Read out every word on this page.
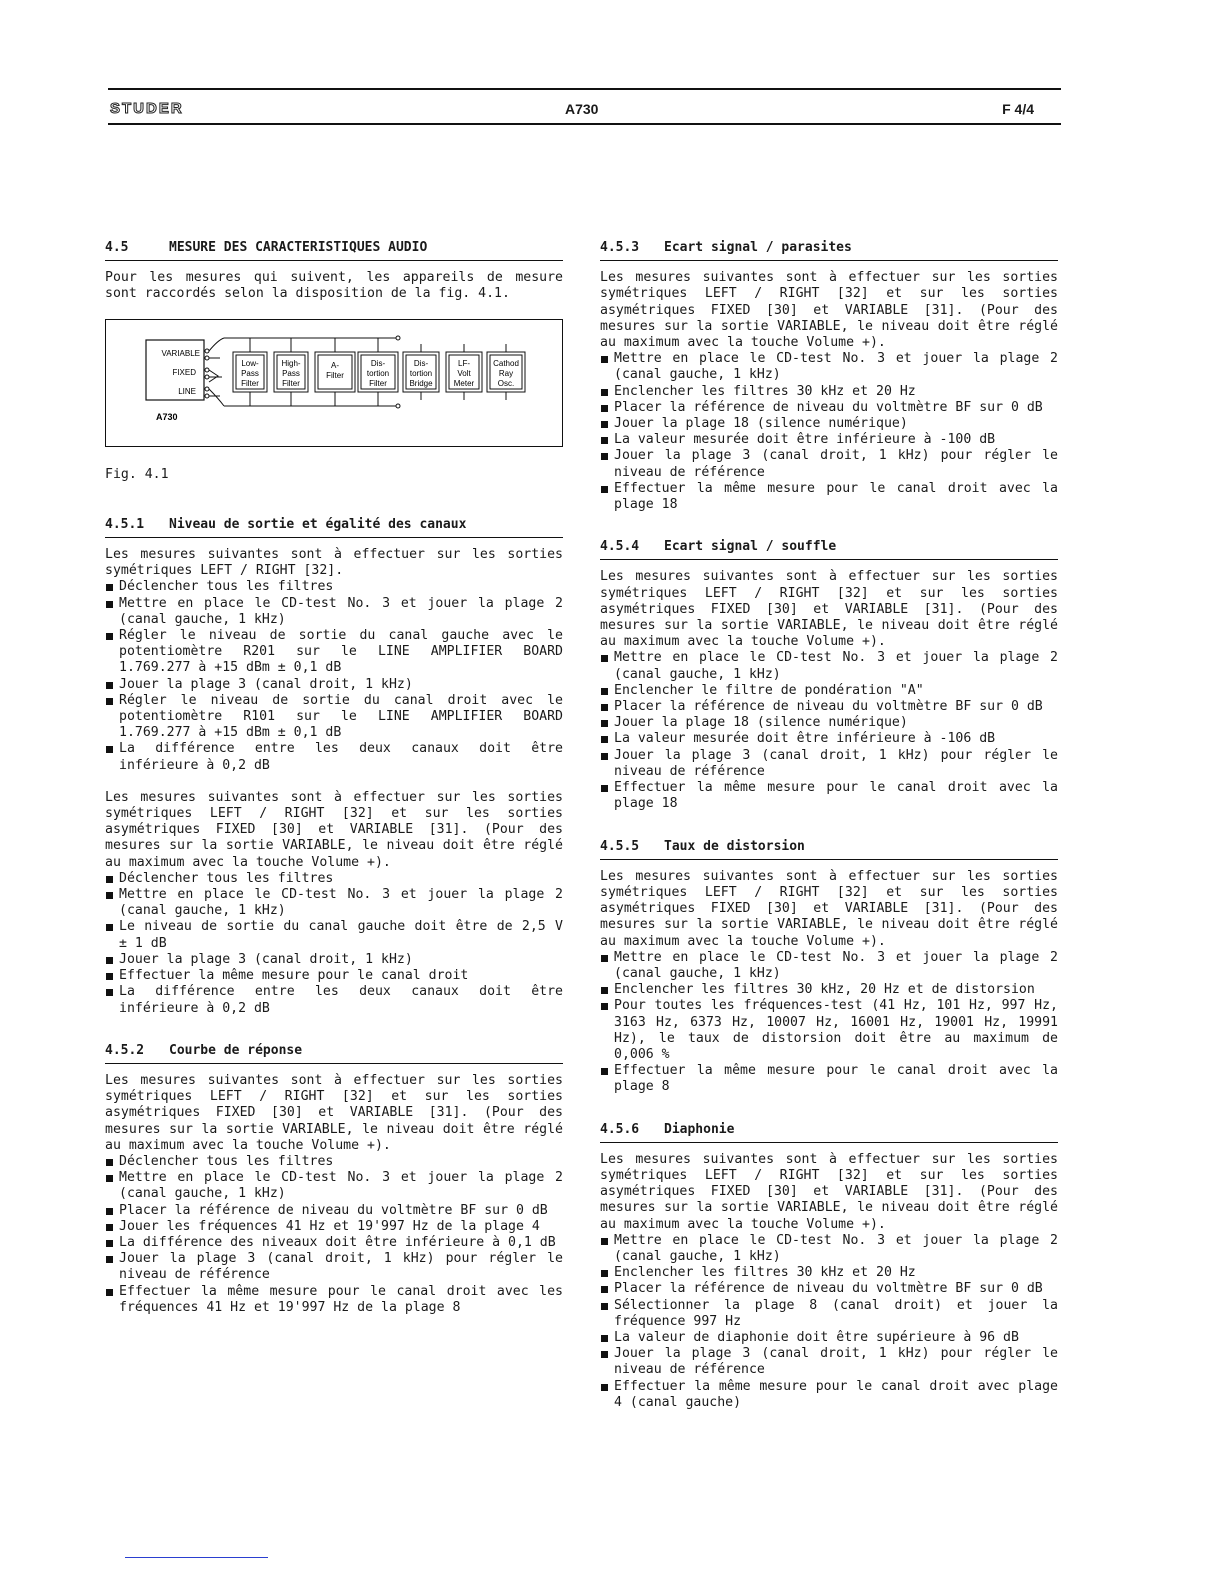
STUDER	A730	F 4/4
4.5	MESURE DES CARACTERISTIQUES AUDIO

Pour les mesures qui suivent, les appareils de mesure sont raccordés selon la disposition de la fig. 4.1.

A730
VARIABLE
FIXED
LINE
Low-
Pass
Filter
High-
Pass
Filter
A-
Filter
Dis-
tortion
Filter
Dis-
tortion
Bridge
LF-
Volt
Meter
Cathod
Ray
Osc.

Fig. 4.1

4.5.1 Niveau de sortie et égalité des canaux

Les mesures suivantes sont à effectuer sur les sorties symétriques LEFT / RIGHT [32].

Déclencher tous les filtres
Mettre en place le CD-test No. 3 et jouer la plage 2 (canal gauche, 1 kHz)
Régler le niveau de sortie du canal gauche avec le potentiomètre R201 sur le LINE AMPLIFIER BOARD 1.769.277 à +15 dBm ± 0,1 dB
Jouer la plage 3 (canal droit, 1 kHz)
Régler le niveau de sortie du canal droit avec le potentiomètre R101 sur le LINE AMPLIFIER BOARD 1.769.277 à +15 dBm ± 0,1 dB
La différence entre les deux canaux doit être inférieure à 0,2 dB

Les mesures suivantes sont à effectuer sur les sorties symétriques LEFT / RIGHT [32] et sur les sorties asymétriques FIXED [30] et VARIABLE [31]. (Pour des mesures sur la sortie VARIABLE, le niveau doit être réglé au maximum avec la touche Volume +).

Déclencher tous les filtres
Mettre en place le CD-test No. 3 et jouer la plage 2 (canal gauche, 1 kHz)
Le niveau de sortie du canal gauche doit être de 2,5 V ± 1 dB
Jouer la plage 3 (canal droit, 1 kHz)
Effectuer la même mesure pour le canal droit
La différence entre les deux canaux doit être inférieure à 0,2 dB
4.5.2 Courbe de réponse

Les mesures suivantes sont à effectuer sur les sorties symétriques LEFT / RIGHT [32] et sur les sorties asymétriques FIXED [30] et VARIABLE [31]. (Pour des mesures sur la sortie VARIABLE, le niveau doit être réglé au maximum avec la touche Volume +).

Déclencher tous les filtres
Mettre en place le CD-test No. 3 et jouer la plage 2 (canal gauche, 1 kHz)
Placer la référence de niveau du voltmètre BF sur 0 dB
Jouer les fréquences 41 Hz et 19'997 Hz de la plage 4
La différence des niveaux doit être inférieure à 0,1 dB
Jouer la plage 3 (canal droit, 1 kHz) pour régler le niveau de référence
Effectuer la même mesure pour le canal droit avec les fréquences 41 Hz et 19'997 Hz de la plage 8
4.5.3 Ecart signal / parasites

Les mesures suivantes sont à effectuer sur les sorties symétriques LEFT / RIGHT [32] et sur les sorties asymétriques FIXED [30] et VARIABLE [31]. (Pour des mesures sur la sortie VARIABLE, le niveau doit être réglé au maximum avec la touche Volume +).

Mettre en place le CD-test No. 3 et jouer la plage 2 (canal gauche, 1 kHz)
Enclencher les filtres 30 kHz et 20 Hz
Placer la référence de niveau du voltmètre BF sur 0 dB
Jouer la plage 18 (silence numérique)
La valeur mesurée doit être inférieure à -100 dB
Jouer la plage 3 (canal droit, 1 kHz) pour régler le niveau de référence
Effectuer la même mesure pour le canal droit avec la plage 18
4.5.4 Ecart signal / souffle

Les mesures suivantes sont à effectuer sur les sorties symétriques LEFT / RIGHT [32] et sur les sorties asymétriques FIXED [30] et VARIABLE [31]. (Pour des mesures sur la sortie VARIABLE, le niveau doit être réglé au maximum avec la touche Volume +).

Mettre en place le CD-test No. 3 et jouer la plage 2 (canal gauche, 1 kHz)
Enclencher le filtre de pondération "A"
Placer la référence de niveau du voltmètre BF sur 0 dB
Jouer la plage 18 (silence numérique)
La valeur mesurée doit être inférieure à -106 dB
Jouer la plage 3 (canal droit, 1 kHz) pour régler le niveau de référence
Effectuer la même mesure pour le canal droit avec la plage 18
4.5.5 Taux de distorsion

Les mesures suivantes sont à effectuer sur les sorties symétriques LEFT / RIGHT [32] et sur les sorties asymétriques FIXED [30] et VARIABLE [31]. (Pour des mesures sur la sortie VARIABLE, le niveau doit être réglé au maximum avec la touche Volume +).

Mettre en place le CD-test No. 3 et jouer la plage 2 (canal gauche, 1 kHz)
Enclencher les filtres 30 kHz, 20 Hz et de distorsion
Pour toutes les fréquences-test (41 Hz, 101 Hz, 997 Hz, 3163 Hz, 6373 Hz, 10007 Hz, 16001 Hz, 19001 Hz, 19991 Hz), le taux de distorsion doit être au maximum de 0,006 %
Effectuer la même mesure pour le canal droit avec la plage 8
4.5.6 Diaphonie

Les mesures suivantes sont à effectuer sur les sorties symétriques LEFT / RIGHT [32] et sur les sorties asymétriques FIXED [30] et VARIABLE [31]. (Pour des mesures sur la sortie VARIABLE, le niveau doit être réglé au maximum avec la touche Volume +).

Mettre en place le CD-test No. 3 et jouer la plage 2 (canal gauche, 1 kHz)
Enclencher les filtres 30 kHz et 20 Hz
Placer la référence de niveau du voltmètre BF sur 0 dB
Sélectionner la plage 8 (canal droit) et jouer la fréquence 997 Hz
La valeur de diaphonie doit être supérieure à 96 dB
Jouer la plage 3 (canal droit, 1 kHz) pour régler le niveau de référence
Effectuer la même mesure pour le canal droit avec plage 4 (canal gauche)
